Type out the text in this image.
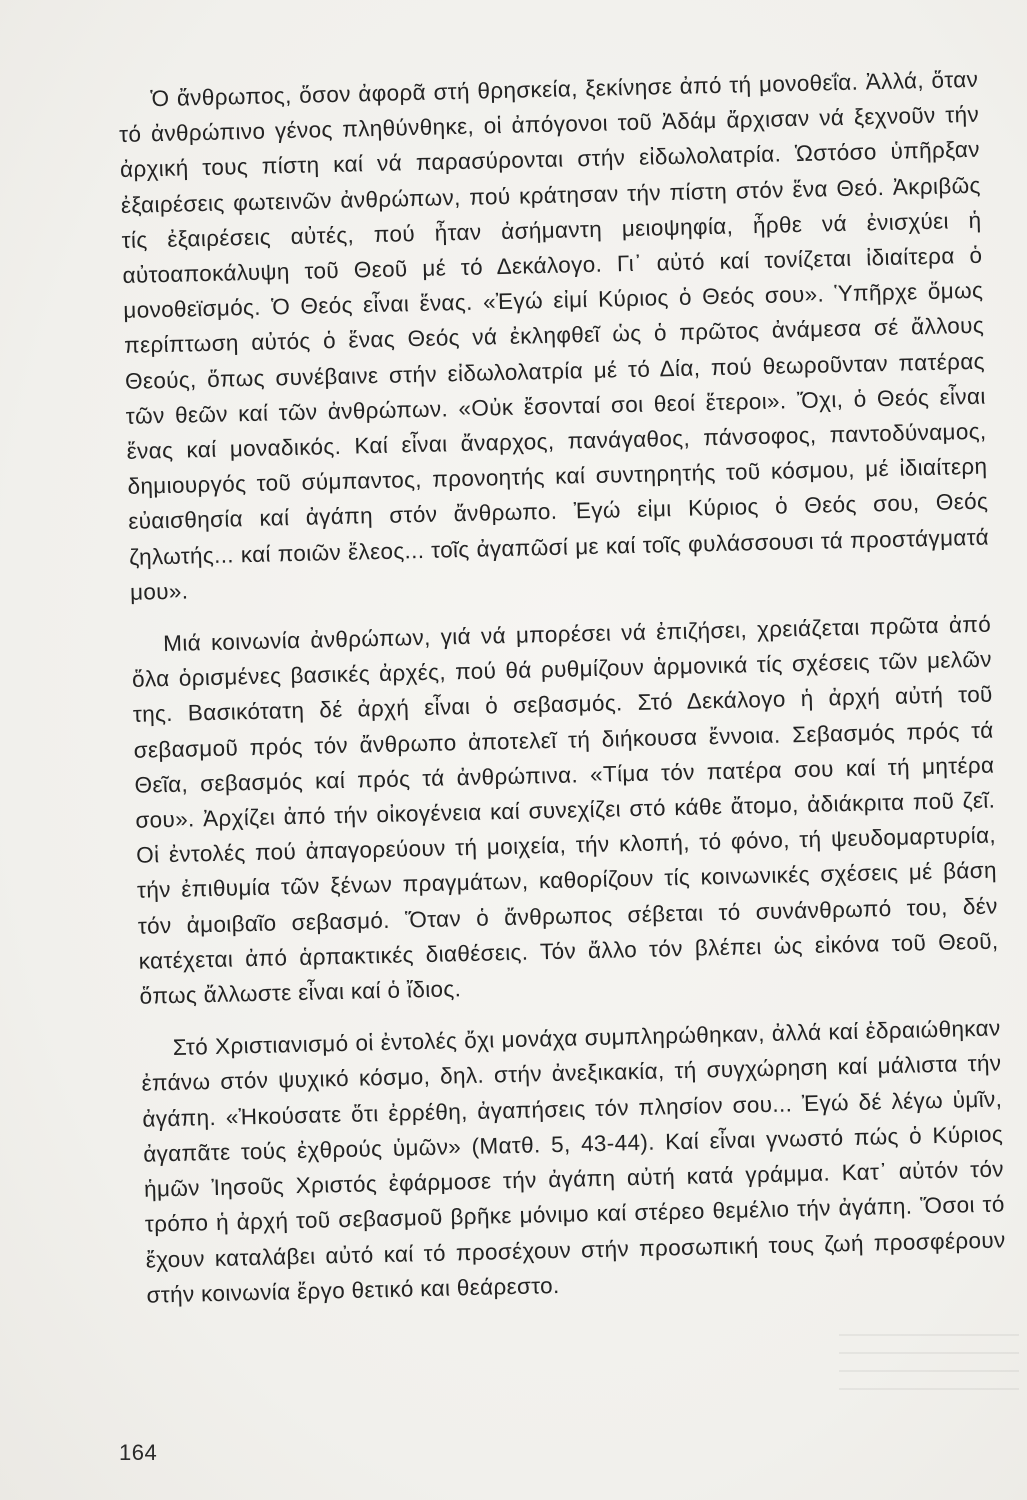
Ὁ ἄνθρωπος, ὅσον ἀφορᾶ στή θρησκεία, ξεκίνησε ἀπό τή μονοθεΐα. Ἀλλά, ὅταν τό ἀνθρώπινο γένος πληθύνθηκε, οἱ ἀπόγονοι τοῦ Ἀδάμ ἄρχισαν νά ξεχνοῦν τήν ἀρχική τους πίστη καί νά παρασύρονται στήν εἰδωλολατρία. Ὡστόσο ὑπῆρξαν ἐξαιρέσεις φωτεινῶν ἀνθρώπων, πού κράτησαν τήν πίστη στόν ἕνα Θεό. Ἀκριβῶς τίς ἐξαιρέσεις αὐτές, πού ἦταν ἀσήμαντη μειοψηφία, ἦρθε νά ἐνισχύει ἡ αὐτοαποκάλυψη τοῦ Θεοῦ μέ τό Δεκάλογο. Γι᾽ αὐτό καί τονίζεται ἰδιαίτερα ὁ μονοθεϊσμός. Ὁ Θεός εἶναι ἕνας. «Ἐγώ εἰμί Κύριος ὁ Θεός σου». Ὑπῆρχε ὅμως περίπτωση αὐτός ὁ ἕνας Θεός νά ἐκληφθεῖ ὡς ὁ πρῶτος ἀνάμεσα σέ ἄλλους Θεούς, ὅπως συνέβαινε στήν εἰδωλολατρία μέ τό Δία, πού θεωροῦνταν πατέρας τῶν θεῶν καί τῶν ἀνθρώπων. «Οὐκ ἔσονταί σοι θεοί ἕτεροι». Ὄχι, ὁ Θεός εἶναι ἕνας καί μοναδικός. Καί εἶναι ἄναρχος, πανάγαθος, πάνσοφος, παντοδύναμος, δημιουργός τοῦ σύμπαντος, προνοητής καί συντηρητής τοῦ κόσμου, μέ ἰδιαίτερη εὐαισθησία καί ἀγάπη στόν ἄνθρωπο. Ἐγώ εἰμι Κύριος ὁ Θεός σου, Θεός ζηλωτής... καί ποιῶν ἔλεος... τοῖς ἀγαπῶσί με καί τοῖς φυλάσσουσι τά προστάγματά μου».

Μιά κοινωνία ἀνθρώπων, γιά νά μπορέσει νά ἐπιζήσει, χρειάζεται πρῶτα ἀπό ὅλα ὁρισμένες βασικές ἀρχές, πού θά ρυθμίζουν ἁρμονικά τίς σχέσεις τῶν μελῶν της. Βασικότατη δέ ἀρχή εἶναι ὁ σεβασμός. Στό Δεκάλογο ἡ ἀρχή αὐτή τοῦ σεβασμοῦ πρός τόν ἄνθρωπο ἀποτελεῖ τή διήκουσα ἔννοια. Σεβασμός πρός τά Θεῖα, σεβασμός καί πρός τά ἀνθρώπινα. «Τίμα τόν πατέρα σου καί τή μητέρα σου». Ἀρχίζει ἀπό τήν οἰκογένεια καί συνεχίζει στό κάθε ἄτομο, ἀδιάκριτα ποῦ ζεῖ. Οἱ ἐντολές πού ἀπαγορεύουν τή μοιχεία, τήν κλοπή, τό φόνο, τή ψευδομαρτυρία, τήν ἐπιθυμία τῶν ξένων πραγμάτων, καθορίζουν τίς κοινωνικές σχέσεις μέ βάση τόν ἀμοιβαῖο σεβασμό. Ὅταν ὁ ἄνθρωπος σέβεται τό συνάνθρωπό του, δέν κατέχεται ἀπό ἁρπακτικές διαθέσεις. Τόν ἄλλο τόν βλέπει ὡς εἰκόνα τοῦ Θεοῦ, ὅπως ἄλλωστε εἶναι καί ὁ ἴδιος.

Στό Χριστιανισμό οἱ ἐντολές ὄχι μονάχα συμπληρώθηκαν, ἀλλά καί ἑδραιώθηκαν ἐπάνω στόν ψυχικό κόσμο, δηλ. στήν ἀνεξικακία, τή συγχώρηση καί μάλιστα τήν ἀγάπη. «Ἠκούσατε ὅτι ἐρρέθη, ἀγαπήσεις τόν πλησίον σου... Ἐγώ δέ λέγω ὑμῖν, ἀγαπᾶτε τούς ἐχθρούς ὑμῶν» (Ματθ. 5, 43-44). Καί εἶναι γνωστό πώς ὁ Κύριος ἡμῶν Ἰησοῦς Χριστός ἐφάρμοσε τήν ἀγάπη αὐτή κατά γράμμα. Κατ᾽ αὐτόν τόν τρόπο ἡ ἀρχή τοῦ σεβασμοῦ βρῆκε μόνιμο καί στέρεο θεμέλιο τήν ἀγάπη. Ὅσοι τό ἔχουν καταλάβει αὐτό καί τό προσέχουν στήν προσωπική τους ζωή προσφέρουν στήν κοινωνία ἔργο θετικό και θεάρεστο.

164
